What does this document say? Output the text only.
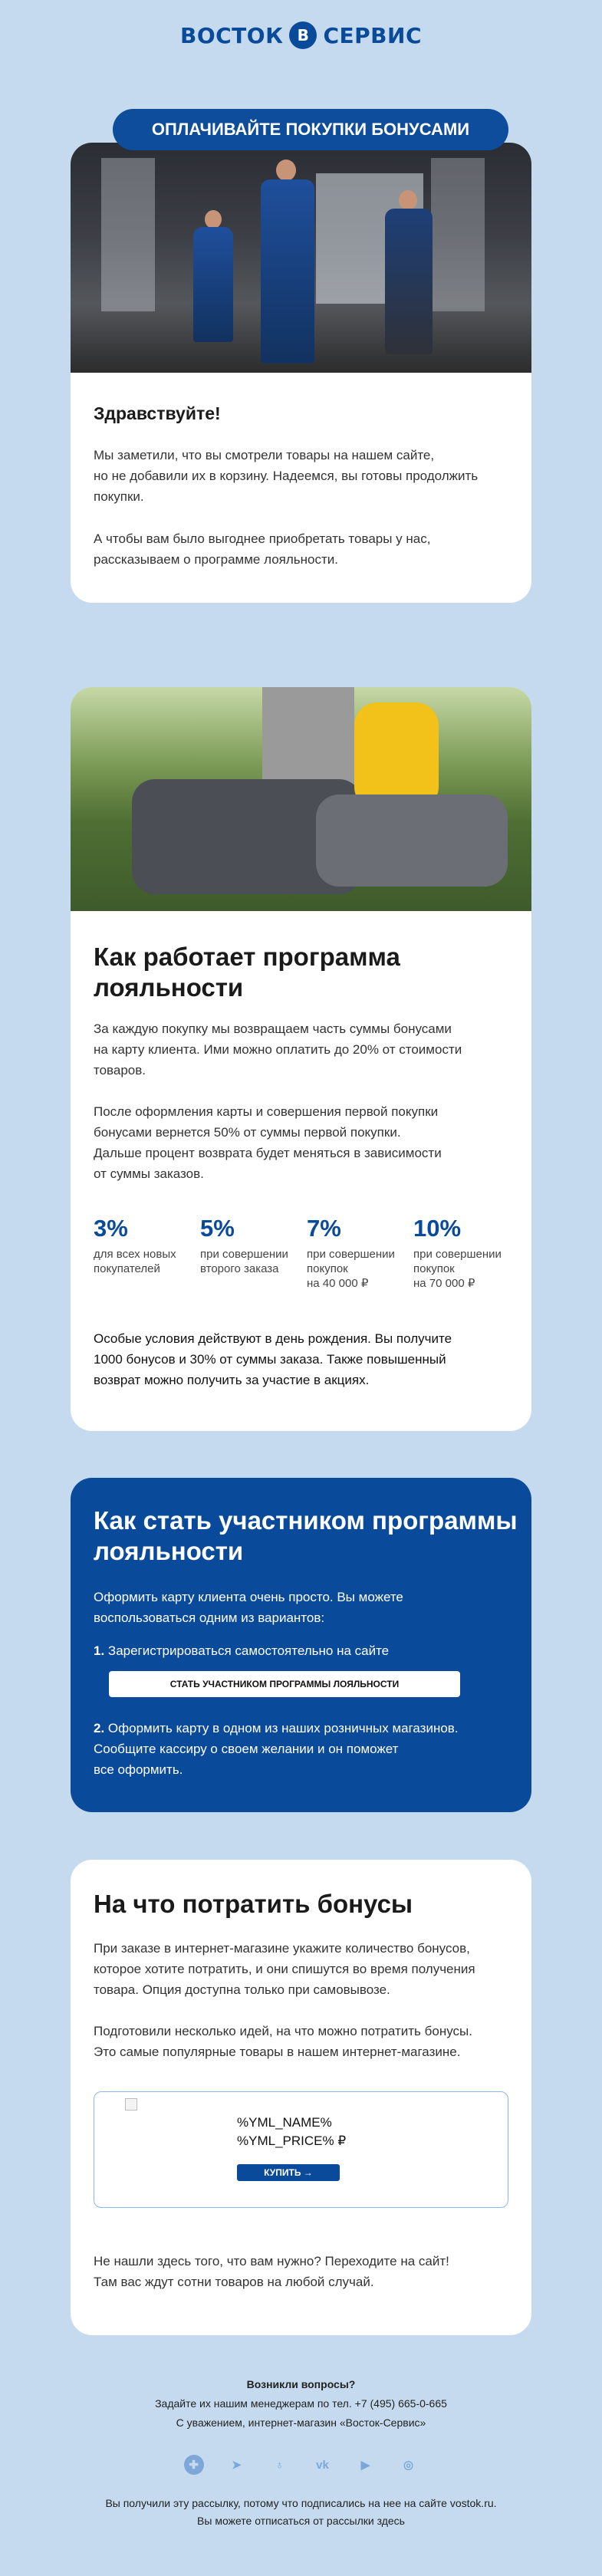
ВОСТОК В СЕРВИС
ОПЛАЧИВАЙТЕ ПОКУПКИ БОНУСАМИ
Здравствуйте!
Мы заметили, что вы смотрели товары на нашем сайте,
но не добавили их в корзину. Надеемся, вы готовы продолжить
покупки.
А чтобы вам было выгоднее приобретать товары у нас,
рассказываем о программе лояльности.
Как работает программа
лояльности
За каждую покупку мы возвращаем часть суммы бонусами
на карту клиента. Ими можно оплатить до 20% от стоимости
товаров.
После оформления карты и совершения первой покупки
бонусами вернется 50% от суммы первой покупки.
Дальше процент возврата будет меняться в зависимости
от суммы заказов.
3%
для всех новых
покупателей
5%
при совершении
второго заказа
7%
при совершении
покупок
на 40 000 ₽
10%
при совершении
покупок
на 70 000 ₽
Особые условия действуют в день рождения. Вы получите
1000 бонусов и 30% от суммы заказа. Также повышенный
возврат можно получить за участие в акциях.
Как стать участником программы
лояльности
Оформить карту клиента очень просто. Вы можете
воспользоваться одним из вариантов:
1. Зарегистрироваться самостоятельно на сайте
СТАТЬ УЧАСТНИКОМ ПРОГРАММЫ ЛОЯЛЬНОСТИ
2. Оформить карту в одном из наших розничных магазинов.
Сообщите кассиру о своем желании и он поможет
все оформить.
На что потратить бонусы
При заказе в интернет-магазине укажите количество бонусов,
которое хотите потратить, и они спишутся во время получения
товара. Опция доступна только при самовывозе.
Подготовили несколько идей, на что можно потратить бонусы.
Это самые популярные товары в нашем интернет-магазине.
%YML_NAME%
%YML_PRICE% ₽
КУПИТЬ →
Не нашли здесь того, что вам нужно? Переходите на сайт!
Там вас ждут сотни товаров на любой случай.
Возникли вопросы?
Задайте их нашим менеджерам по тел. +7 (495) 665-0-665
С уважением, интернет-магазин «Восток-Сервис»
✚	➤	♁	vk	▶	◎
Вы получили эту рассылку, потому что подписались на нее на сайте vostok.ru.
Вы можете отписаться от рассылки здесь
